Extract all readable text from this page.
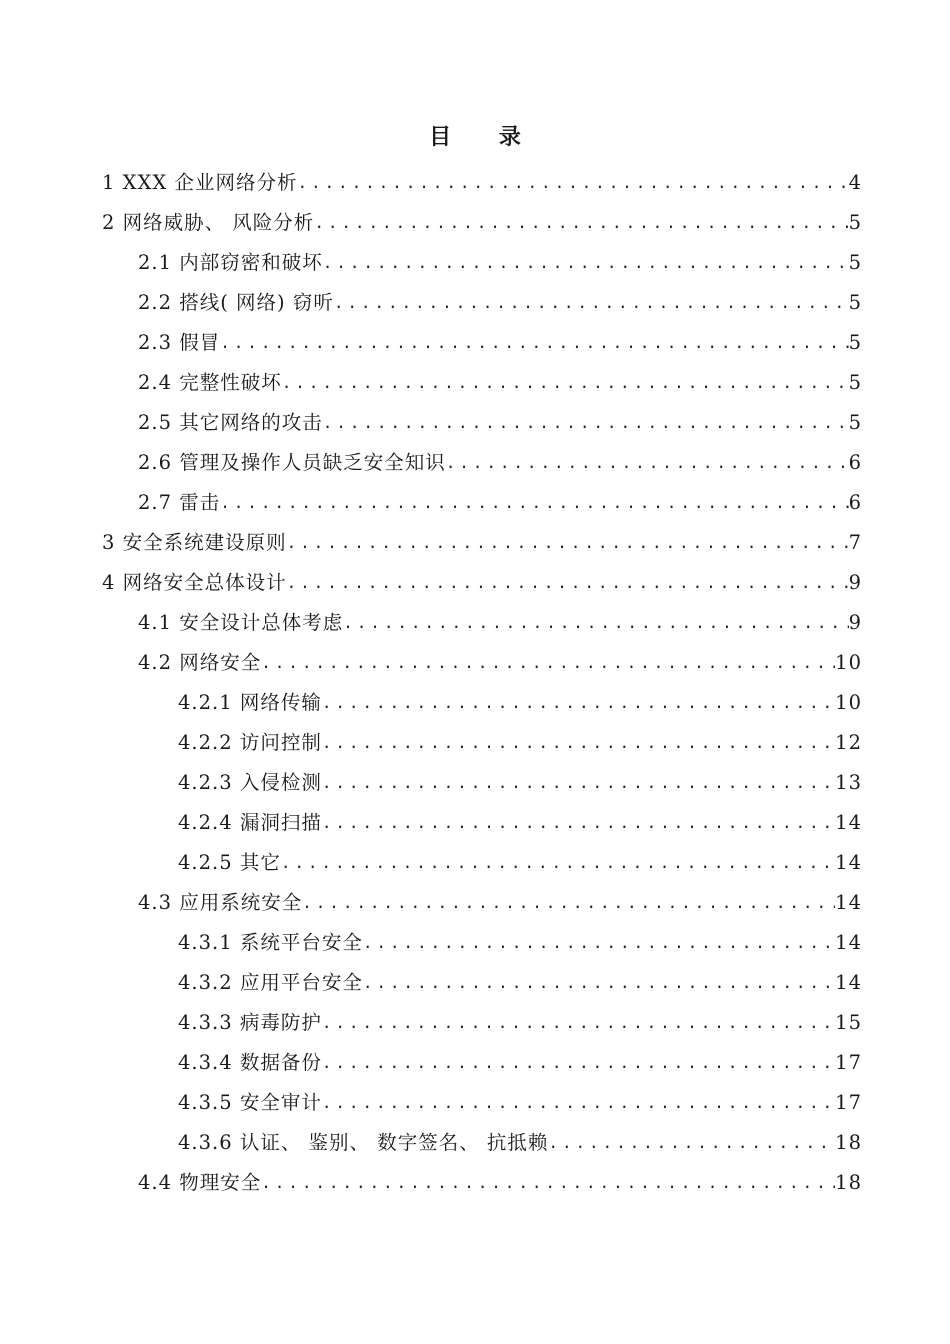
目 录
1 XXX 企业网络分析 .....	4
2 网络威胁、 风险分析 .....	5
2.1 内部窃密和破坏 .....	5
2.2 搭线( 网络) 窃听 .....	5
2.3 假冒 .....	5
2.4 完整性破坏 .....	5
2.5 其它网络的攻击 .....	5
2.6 管理及操作人员缺乏安全知识 .....	6
2.7 雷击 .....	6
3 安全系统建设原则 .....	7
4 网络安全总体设计 .....	9
4.1 安全设计总体考虑 .....	9
4.2 网络安全 .....	10
4.2.1 网络传输 .....	10
4.2.2 访问控制 .....	12
4.2.3 入侵检测 .....	13
4.2.4 漏洞扫描 .....	14
4.2.5 其它 .....	14
4.3 应用系统安全 .....	14
4.3.1 系统平台安全 .....	14
4.3.2 应用平台安全 .....	14
4.3.3 病毒防护 .....	15
4.3.4 数据备份 .....	17
4.3.5 安全审计 .....	17
4.3.6 认证、 鉴别、 数字签名、 抗抵赖 .....	18
4.4 物理安全 .....	18
